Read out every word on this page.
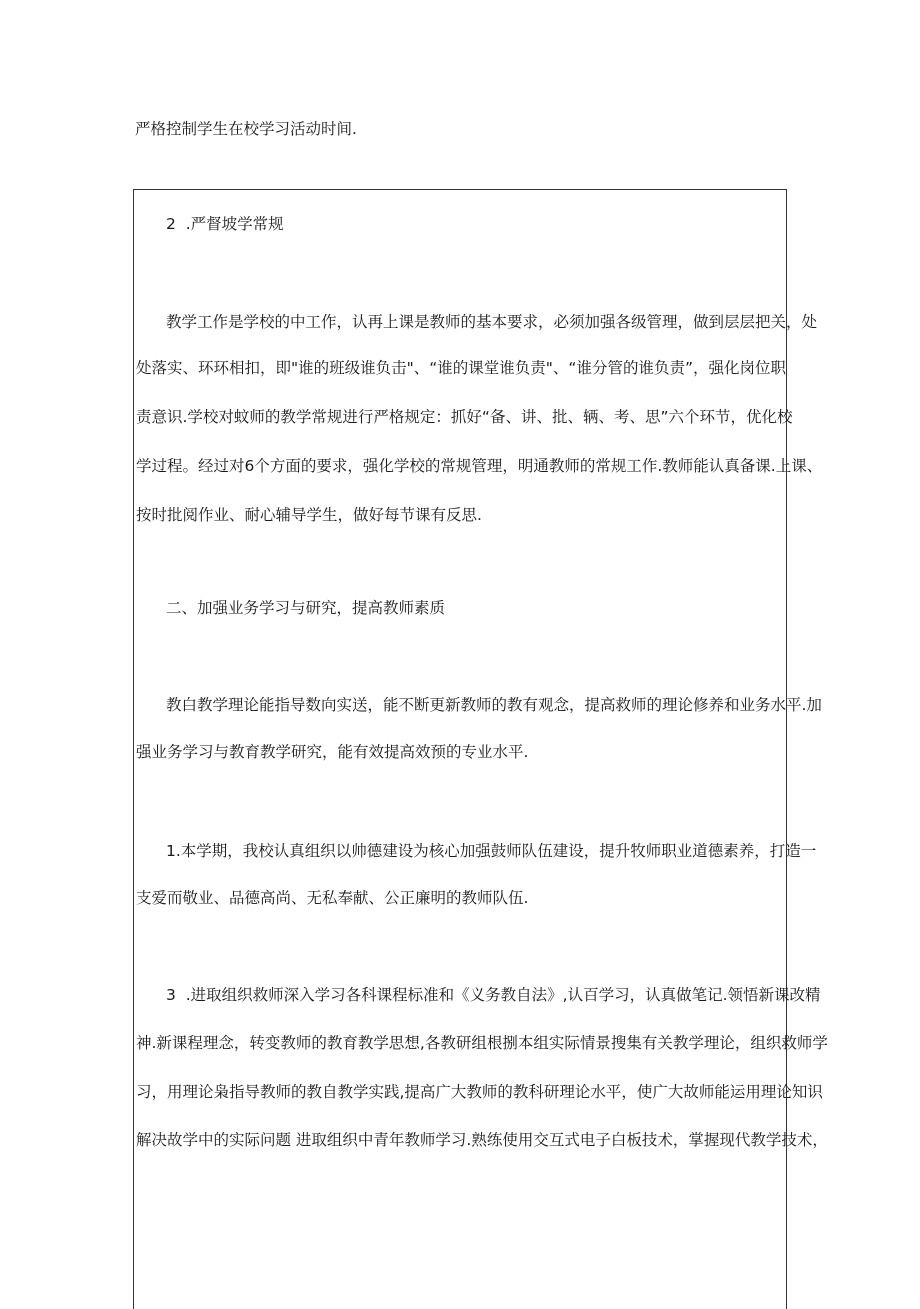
严格控制学生在校学习活动时间.
2  .严督坡学常规
教学工作是学校的中工作，认再上课是教师的基本要求，必须加强各级管理，做到层层把关，处
处落实、环环相扣，即"谁的班级谁负击"、“谁的课堂谁负责"、“谁分管的谁负责”，强化岗位职
责意识.学校对蚊师的教学常规进行严格规定：抓好“备、讲、批、辆、考、思”六个环节，优化校
学过程。经过对6个方面的要求，强化学校的常规管理，明通教师的常规工作.教师能认真备课.上课、
按时批阅作业、耐心辅导学生，做好每节课有反思.
二、加强业务学习与研究，提高教师素质
教白教学理论能指导数向实送，能不断更新教师的教有观念，提高救师的理论修养和业务水平.加
强业务学习与教育教学研究，能有效提高效预的专业水平.
1.本学期，我校认真组织以帅德建设为核心加强鼓师队伍建设，提升牧师职业道德素养，打造一
支爱而敬业、品德高尚、无私奉献、公正廉明的教师队伍.
3  .进取组织救师深入学习各科课程标准和《义务教自法》,认百学习，认真做笔记.领悟新课改精
神.新课程理念，转变教师的教育教学思想,各教研组根捌本组实际情景搜集有关教学理论，组织救师学
习，用理论枭指导教师的教自教学实践,提高广大教师的教科研理论水平，使广大故师能运用理论知识
解决故学中的实际问题 进取组织中青年教师学习.熟练使用交互式电子白板技术，掌握现代教学技术，
